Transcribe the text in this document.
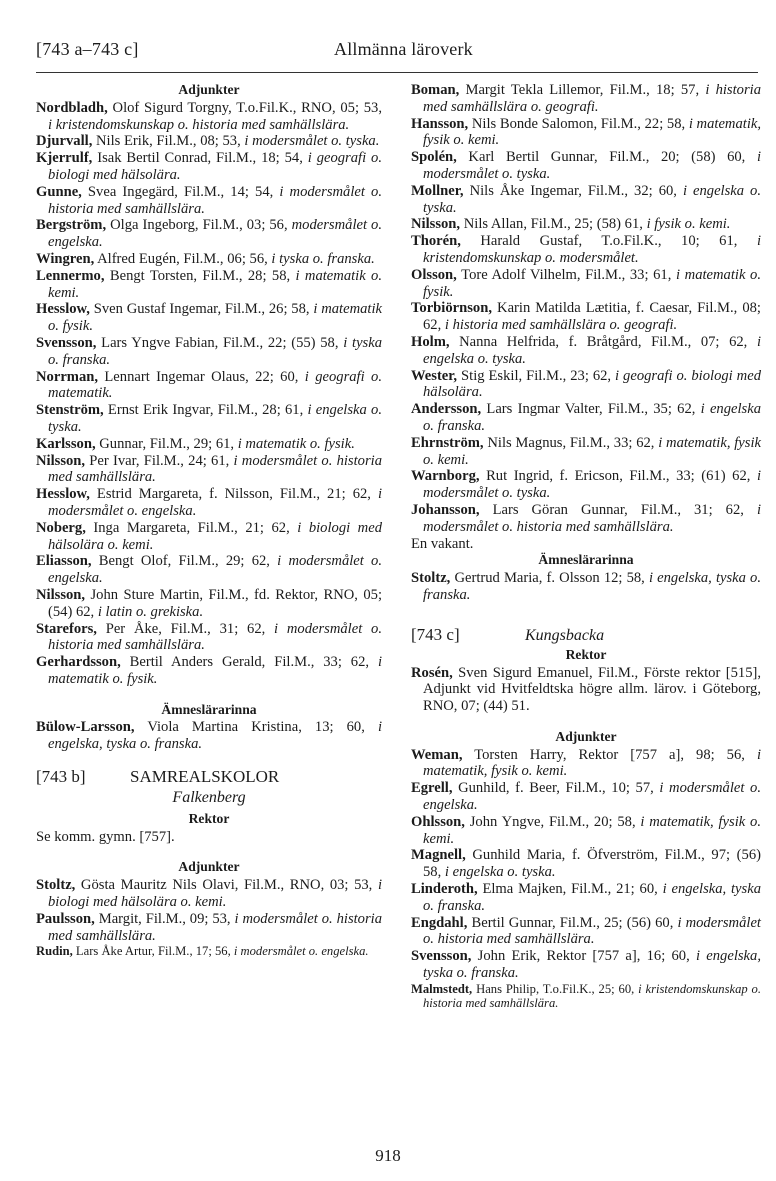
[743 a–743 c]	Allmänna läroverk
Adjunkter

Nordbladh, Olof Sigurd Torgny, T.o.Fil.K., RNO, 05; 53, i kristendomskunskap o. historia med samhällslära.

Djurvall, Nils Erik, Fil.M., 08; 53, i modersmålet o. tyska.

Kjerrulf, Isak Bertil Conrad, Fil.M., 18; 54, i geografi o. biologi med hälsolära.

Gunne, Svea Ingegärd, Fil.M., 14; 54, i modersmålet o. historia med samhällslära.

Bergström, Olga Ingeborg, Fil.M., 03; 56, modersmålet o. engelska.

Wingren, Alfred Eugén, Fil.M., 06; 56, i tyska o. franska.

Lennermo, Bengt Torsten, Fil.M., 28; 58, i matematik o. kemi.

Hesslow, Sven Gustaf Ingemar, Fil.M., 26; 58, i matematik o. fysik.

Svensson, Lars Yngve Fabian, Fil.M., 22; (55) 58, i tyska o. franska.

Norrman, Lennart Ingemar Olaus, 22; 60, i geografi o. matematik.

Stenström, Ernst Erik Ingvar, Fil.M., 28; 61, i engelska o. tyska.

Karlsson, Gunnar, Fil.M., 29; 61, i matematik o. fysik.

Nilsson, Per Ivar, Fil.M., 24; 61, i modersmålet o. historia med samhällslära.

Hesslow, Estrid Margareta, f. Nilsson, Fil.M., 21; 62, i modersmålet o. engelska.

Noberg, Inga Margareta, Fil.M., 21; 62, i biologi med hälsolära o. kemi.

Eliasson, Bengt Olof, Fil.M., 29; 62, i modersmålet o. engelska.

Nilsson, John Sture Martin, Fil.M., fd. Rektor, RNO, 05; (54) 62, i latin o. grekiska.

Starefors, Per Åke, Fil.M., 31; 62, i modersmålet o. historia med samhällslära.

Gerhardsson, Bertil Anders Gerald, Fil.M., 33; 62, i matematik o. fysik.

Ämneslärarinna

Bülow-Larsson, Viola Martina Kristina, 13; 60, i engelska, tyska o. franska.

[743 b]	SAMREALSKOLOR
Falkenberg
Rektor

Se komm. gymn. [757].

Adjunkter

Stoltz, Gösta Mauritz Nils Olavi, Fil.M., RNO, 03; 53, i biologi med hälsolära o. kemi.

Paulsson, Margit, Fil.M., 09; 53, i modersmålet o. historia med samhällslära.

Rudin, Lars Åke Artur, Fil.M., 17; 56, i modersmålet o. engelska.

Boman, Margit Tekla Lillemor, Fil.M., 18; 57, i historia med samhällslära o. geografi.

Hansson, Nils Bonde Salomon, Fil.M., 22; 58, i matematik, fysik o. kemi.

Spolén, Karl Bertil Gunnar, Fil.M., 20; (58) 60, i modersmålet o. tyska.

Mollner, Nils Åke Ingemar, Fil.M., 32; 60, i engelska o. tyska.

Nilsson, Nils Allan, Fil.M., 25; (58) 61, i fysik o. kemi.

Thorén, Harald Gustaf, T.o.Fil.K., 10; 61, i kristendomskunskap o. modersmålet.

Olsson, Tore Adolf Vilhelm, Fil.M., 33; 61, i matematik o. fysik.

Torbiörnson, Karin Matilda Lætitia, f. Caesar, Fil.M., 08; 62, i historia med samhällslära o. geografi.

Holm, Nanna Helfrida, f. Bråtgård, Fil.M., 07; 62, i engelska o. tyska.

Wester, Stig Eskil, Fil.M., 23; 62, i geografi o. biologi med hälsolära.

Andersson, Lars Ingmar Valter, Fil.M., 35; 62, i engelska o. franska.

Ehrnström, Nils Magnus, Fil.M., 33; 62, i matematik, fysik o. kemi.

Warnborg, Rut Ingrid, f. Ericson, Fil.M., 33; (61) 62, i modersmålet o. tyska.

Johansson, Lars Göran Gunnar, Fil.M., 31; 62, i modersmålet o. historia med samhällslära.

En vakant.

Ämneslärarinna

Stoltz, Gertrud Maria, f. Olsson 12; 58, i engelska, tyska o. franska.

[743 c]	Kungsbacka
Rektor

Rosén, Sven Sigurd Emanuel, Fil.M., Förste rektor [515], Adjunkt vid Hvitfeldtska högre allm. lärov. i Göteborg, RNO, 07; (44) 51.

Adjunkter

Weman, Torsten Harry, Rektor [757 a], 98; 56, i matematik, fysik o. kemi.

Egrell, Gunhild, f. Beer, Fil.M., 10; 57, i modersmålet o. engelska.

Ohlsson, John Yngve, Fil.M., 20; 58, i matematik, fysik o. kemi.

Magnell, Gunhild Maria, f. Öfverström, Fil.M., 97; (56) 58, i engelska o. tyska.

Linderoth, Elma Majken, Fil.M., 21; 60, i engelska, tyska o. franska.

Engdahl, Bertil Gunnar, Fil.M., 25; (56) 60, i modersmålet o. historia med samhällslära.

Svensson, John Erik, Rektor [757 a], 16; 60, i engelska, tyska o. franska.

Malmstedt, Hans Philip, T.o.Fil.K., 25; 60, i kristendomskunskap o. historia med samhällslära.

918
